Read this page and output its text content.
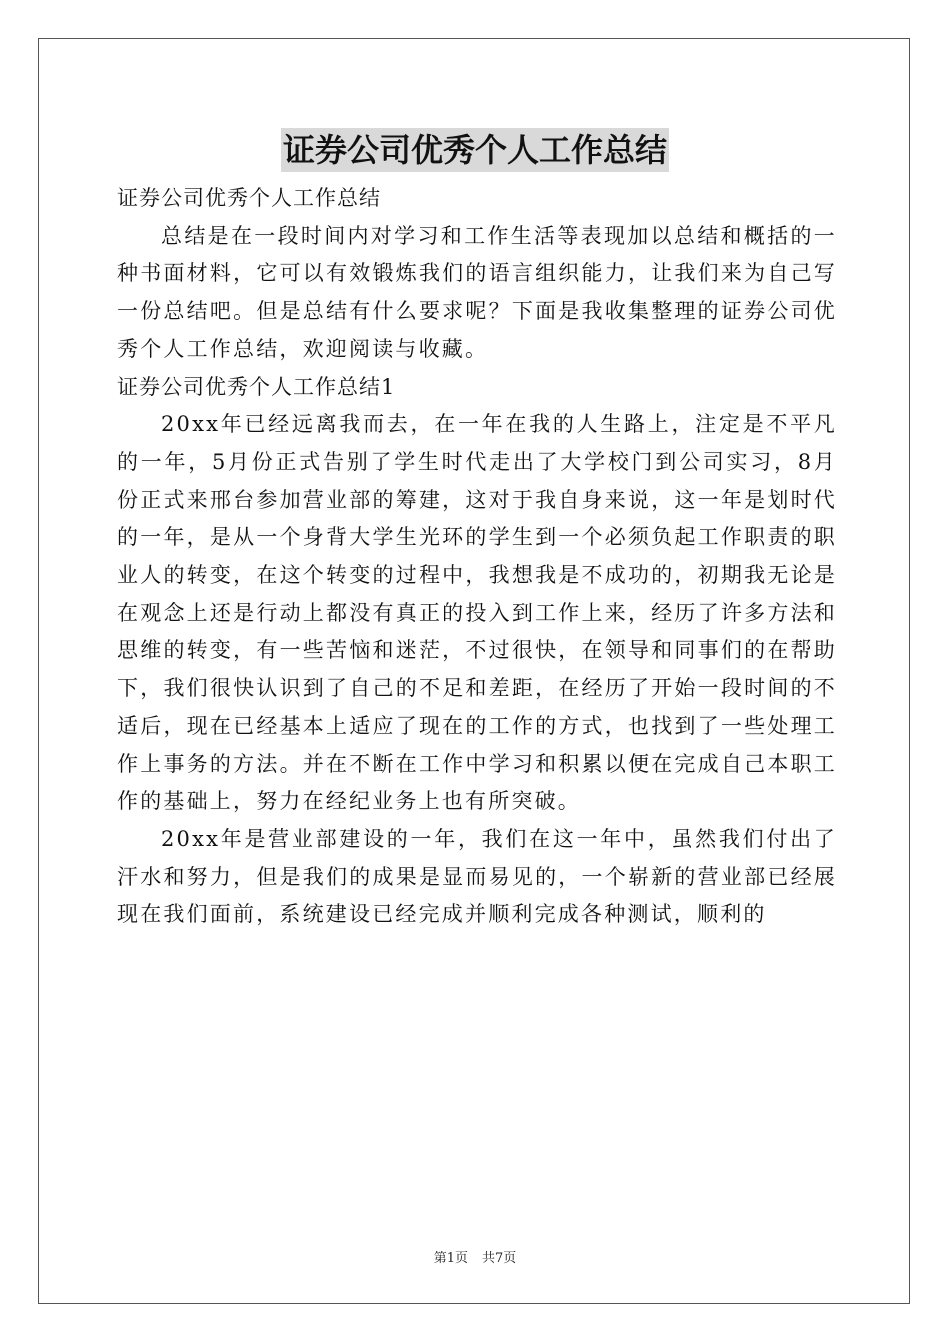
证券公司优秀个人工作总结

证券公司优秀个人工作总结

总结是在一段时间内对学习和工作生活等表现加以总结和概括的一种书面材料，它可以有效锻炼我们的语言组织能力，让我们来为自己写一份总结吧。但是总结有什么要求呢？下面是我收集整理的证券公司优秀个人工作总结，欢迎阅读与收藏。

证券公司优秀个人工作总结1

20xx年已经远离我而去，在一年在我的人生路上，注定是不平凡的一年，5月份正式告别了学生时代走出了大学校门到公司实习，8月份正式来邢台参加营业部的筹建，这对于我自身来说，这一年是划时代的一年，是从一个身背大学生光环的学生到一个必须负起工作职责的职业人的转变，在这个转变的过程中，我想我是不成功的，初期我无论是在观念上还是行动上都没有真正的投入到工作上来，经历了许多方法和思维的转变，有一些苦恼和迷茫，不过很快，在领导和同事们的在帮助下，我们很快认识到了自己的不足和差距，在经历了开始一段时间的不适后，现在已经基本上适应了现在的工作的方式，也找到了一些处理工作上事务的方法。并在不断在工作中学习和积累以便在完成自己本职工作的基础上，努力在经纪业务上也有所突破。

20xx年是营业部建设的一年，我们在这一年中，虽然我们付出了汗水和努力，但是我们的成果是显而易见的，一个崭新的营业部已经展现在我们面前，系统建设已经完成并顺利完成各种测试，顺利的

第1页 共7页
